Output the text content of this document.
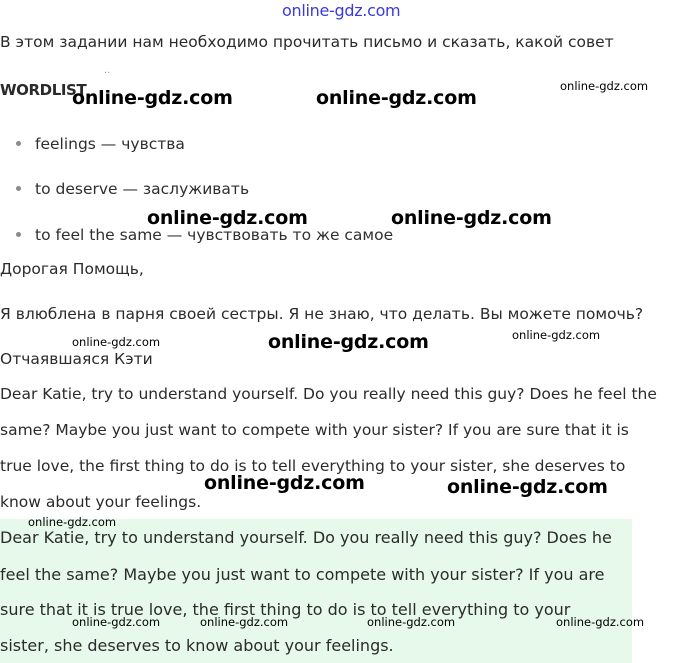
online-gdz.com
В этом задании нам необходимо прочитать письмо и сказать, какой совет
··
WORDLIST
feelings — чувства
to deserve — заслуживать
to feel the same — чувствовать то же самое
Дорогая Помощь,
Я влюблена в парня своей сестры. Я не знаю, что делать. Вы можете помочь?
Отчаявшаяся Кэти
Dear Katie, try to understand yourself. Do you really need this guy? Does he feel the
same? Maybe you just want to compete with your sister? If you are sure that it is
true love, the first thing to do is to tell everything to your sister, she deserves to
know about your feelings.
Dear Katie, try to understand yourself. Do you really need this guy? Does he
feel the same? Maybe you just want to compete with your sister? If you are
sure that it is true love, the first thing to do is to tell everything to your
sister, she deserves to know about your feelings.
online-gdz.com	online-gdz.com
online-gdz.com
online-gdz.com	online-gdz.com
online-gdz.com	online-gdz.com
online-gdz.com
online-gdz.com	online-gdz.com
online-gdz.com
online-gdz.com	online-gdz.com	online-gdz.com	online-gdz.com
